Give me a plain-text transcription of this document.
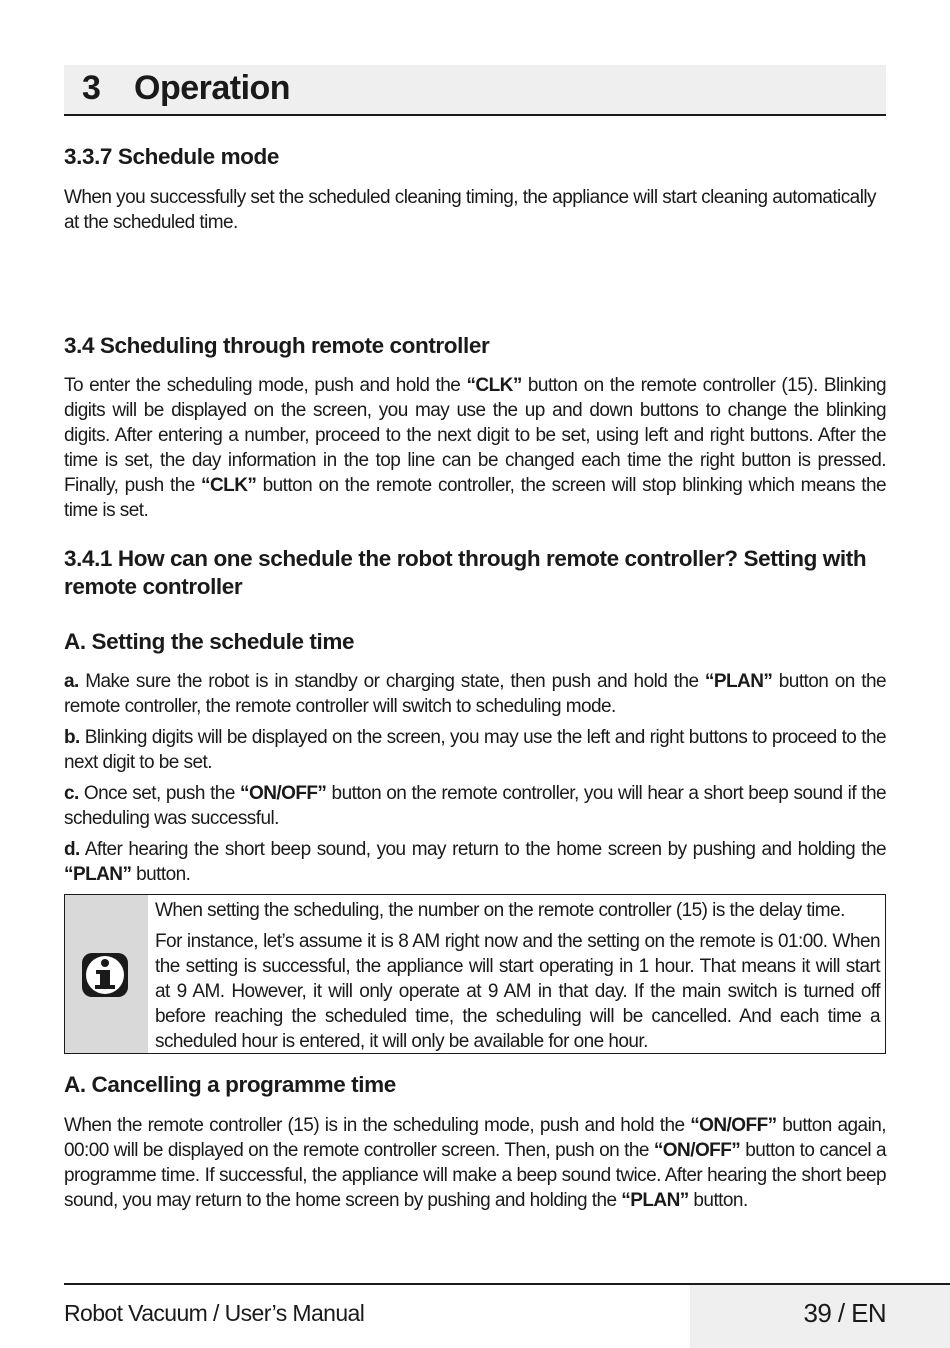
3 Operation
3.3.7 Schedule mode

When you successfully set the scheduled cleaning timing, the appliance will start cleaning automatically at the scheduled time.

3.4 Scheduling through remote controller

To enter the scheduling mode, push and hold the “CLK” button on the remote controller (15). Blinking digits will be displayed on the screen, you may use the up and down buttons to change the blinking digits. After entering a number, proceed to the next digit to be set, using left and right buttons. After the time is set, the day information in the top line can be changed each time the right button is pressed. Finally, push the “CLK” button on the remote controller, the screen will stop blinking which means the time is set.

3.4.1 How can one schedule the robot through remote controller? Setting with
remote controller
A. Setting the schedule time

a. Make sure the robot is in standby or charging state, then push and hold the “PLAN” button on the remote controller, the remote controller will switch to scheduling mode.

b. Blinking digits will be displayed on the screen, you may use the left and right buttons to proceed to the next digit to be set.

c. Once set, push the “ON/OFF” button on the remote controller, you will hear a short beep sound if the scheduling was successful.

d. After hearing the short beep sound, you may return to the home screen by pushing and holding the “PLAN” button.

When setting the scheduling, the number on the remote controller (15) is the delay time.

For instance, let’s assume it is 8 AM right now and the setting on the remote is 01:00. When the setting is successful, the appliance will start operating in 1 hour. That means it will start at 9 AM. However, it will only operate at 9 AM in that day. If the main switch is turned off before reaching the scheduled time, the scheduling will be cancelled. And each time a scheduled hour is entered, it will only be available for one hour.

A. Cancelling a programme time

When the remote controller (15) is in the scheduling mode, push and hold the “ON/OFF” button again, 00:00 will be displayed on the remote controller screen. Then, push on the “ON/OFF” button to cancel a programme time. If successful, the appliance will make a beep sound twice. After hearing the short beep sound, you may return to the home screen by pushing and holding the “PLAN” button.

Robot Vacuum / User’s Manual	39 / EN
